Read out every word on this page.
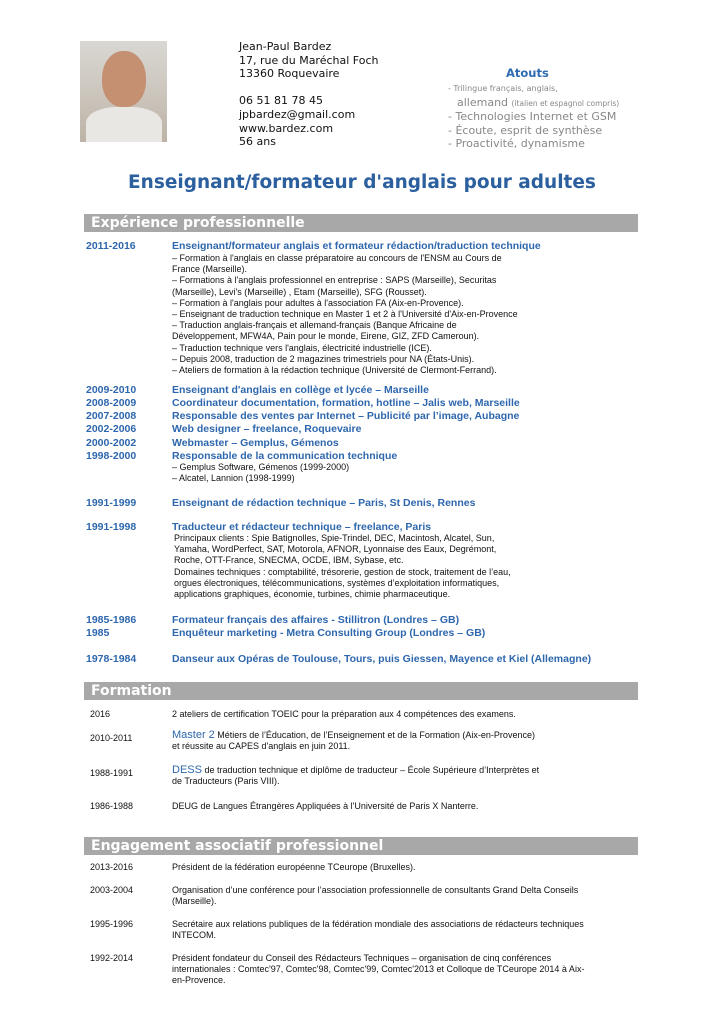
Jean-Paul Bardez
17, rue du Maréchal Foch
13360 Roquevaire
06 51 81 78 45
jpbardez@gmail.com
www.bardez.com
56 ans
Atouts
- Trilingue français, anglais,
allemand (italien et espagnol compris)
- Technologies Internet et GSM
- Écoute, esprit de synthèse
- Proactivité, dynamisme
Enseignant/formateur d'anglais pour adultes
Expérience professionnelle
2011-2016	Enseignant/formateur anglais et formateur rédaction/traduction technique
– Formation à l'anglais en classe préparatoire au concours de l'ENSM au Cours de
France (Marseille).
– Formations à l'anglais professionnel en entreprise : SAPS (Marseille), Securitas
(Marseille), Levi's (Marseille) , Etam (Marseille), SFG (Rousset).
– Formation à l'anglais pour adultes à l'association FA (Aix-en-Provence).
– Enseignant de traduction technique en Master 1 et 2 à l'Université d'Aix-en-Provence
– Traduction anglais-français et allemand-français (Banque Africaine de
Développement, MFW4A, Pain pour le monde, Eirene, GIZ, ZFD Cameroun).
– Traduction technique vers l'anglais, électricité industrielle (ICE).
– Depuis 2008, traduction de 2 magazines trimestriels pour NA (États-Unis).
– Ateliers de formation à la rédaction technique (Université de Clermont-Ferrand).
2009-2010	Enseignant d'anglais en collège et lycée – Marseille
2008-2009	Coordinateur documentation, formation, hotline – Jalis web, Marseille
2007-2008	Responsable des ventes par Internet – Publicité par l’image, Aubagne
2002-2006	Web designer – freelance, Roquevaire
2000-2002	Webmaster – Gemplus, Gémenos
1998-2000	Responsable de la communication technique
– Gemplus Software, Gémenos (1999-2000)
– Alcatel, Lannion (1998-1999)
1991-1999	Enseignant de rédaction technique – Paris, St Denis, Rennes
1991-1998	Traducteur et rédacteur technique – freelance, Paris
Principaux clients : Spie Batignolles, Spie-Trindel, DEC, Macintosh, Alcatel, Sun,
Yamaha, WordPerfect, SAT, Motorola, AFNOR, Lyonnaise des Eaux, Degrémont,
Roche, OTT-France, SNECMA, OCDE, IBM, Sybase, etc.
Domaines techniques : comptabilité, trésorerie, gestion de stock, traitement de l’eau,
orgues électroniques, télécommunications, systèmes d’exploitation informatiques,
applications graphiques, économie, turbines, chimie pharmaceutique.
1985-1986	Formateur français des affaires - Stillitron (Londres – GB)
1985	Enquêteur marketing - Metra Consulting Group (Londres – GB)
1978-1984	Danseur aux Opéras de Toulouse, Tours, puis Giessen, Mayence et Kiel (Allemagne)
Formation
2016	2 ateliers de certification TOEIC pour la préparation aux 4 compétences des examens.
2010-2011	Master 2 Métiers de l’Éducation, de l’Enseignement et de la Formation (Aix-en-Provence)
et réussite au CAPES d'anglais en juin 2011.
1988-1991	DESS de traduction technique et diplôme de traducteur – École Supérieure d’Interprètes et
de Traducteurs (Paris VIII).
1986-1988	DEUG de Langues Étrangères Appliquées à l'Université de Paris X Nanterre.
Engagement associatif professionnel
2013-2016	Président de la fédération européenne TCeurope (Bruxelles).
2003-2004	Organisation d’une conférence pour l’association professionnelle de consultants Grand Delta Conseils
(Marseille).
1995-1996	Secrétaire aux relations publiques de la fédération mondiale des associations de rédacteurs techniques
INTECOM.
1992-2014	Président fondateur du Conseil des Rédacteurs Techniques – organisation de cinq conférences
internationales : Comtec'97, Comtec'98, Comtec'99, Comtec'2013 et Colloque de TCeurope 2014 à Aix-
en-Provence.
